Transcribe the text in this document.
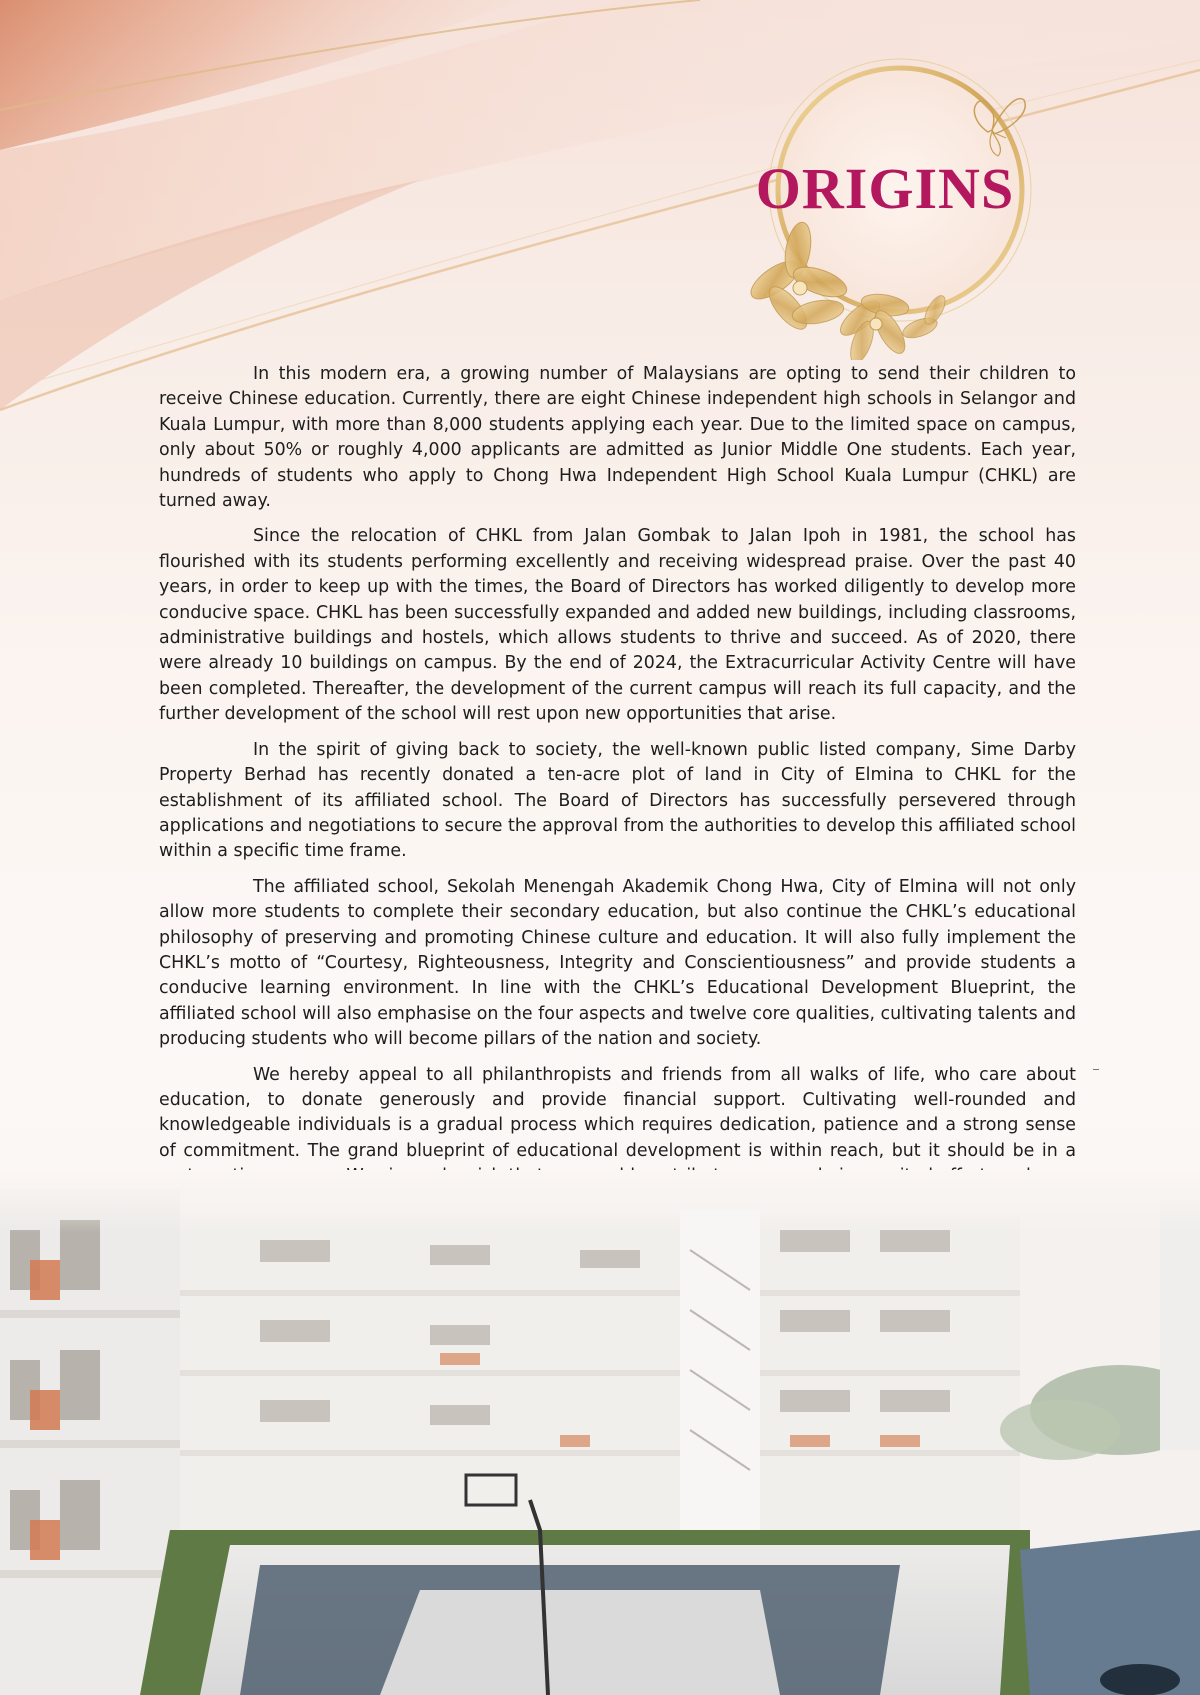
ORIGINS

In this modern era, a growing number of Malaysians are opting to send their children to receive Chinese education. Currently, there are eight Chinese independent high schools in Selangor and Kuala Lumpur, with more than 8,000 students applying each year. Due to the limited space on campus, only about 50% or roughly 4,000 applicants are admitted as Junior Middle One students. Each year, hundreds of students who apply to Chong Hwa Independent High School Kuala Lumpur (CHKL) are turned away.

Since the relocation of CHKL from Jalan Gombak to Jalan Ipoh in 1981, the school has flourished with its students performing excellently and receiving widespread praise. Over the past 40 years, in order to keep up with the times, the Board of Directors has worked diligently to develop more conducive space. CHKL has been successfully expanded and added new buildings, including classrooms, administrative buildings and hostels, which allows students to thrive and succeed. As of 2020, there were already 10 buildings on campus. By the end of 2024, the Extracurricular Activity Centre will have been completed. Thereafter, the development of the current campus will reach its full capacity, and the further development of the school will rest upon new opportunities that arise.

In the spirit of giving back to society, the well-known public listed company, Sime Darby Property Berhad has recently donated a ten-acre plot of land in City of Elmina to CHKL for the establishment of its affiliated school. The Board of Directors has successfully persevered through applications and negotiations to secure the approval from the authorities to develop this affiliated school within a specific time frame.

The affiliated school, Sekolah Menengah Akademik Chong Hwa, City of Elmina will not only allow more students to complete their secondary education, but also continue the CHKL’s educational philosophy of preserving and promoting Chinese culture and education. It will also fully implement the CHKL’s motto of “Courtesy, Righteousness, Integrity and Conscientiousness” and provide students a conducive learning environment. In line with the CHKL’s Educational Development Blueprint, the affiliated school will also emphasise on the four aspects and twelve core qualities, cultivating talents and producing students who will become pillars of the nation and society.

We hereby appeal to all philanthropists and friends from all walks of life, who care about education, to donate generously and provide financial support. Cultivating well-rounded and knowledgeable individuals is a gradual process which requires dedication, patience and a strong sense of commitment. The grand blueprint of educational development is within reach, but it should be in a
